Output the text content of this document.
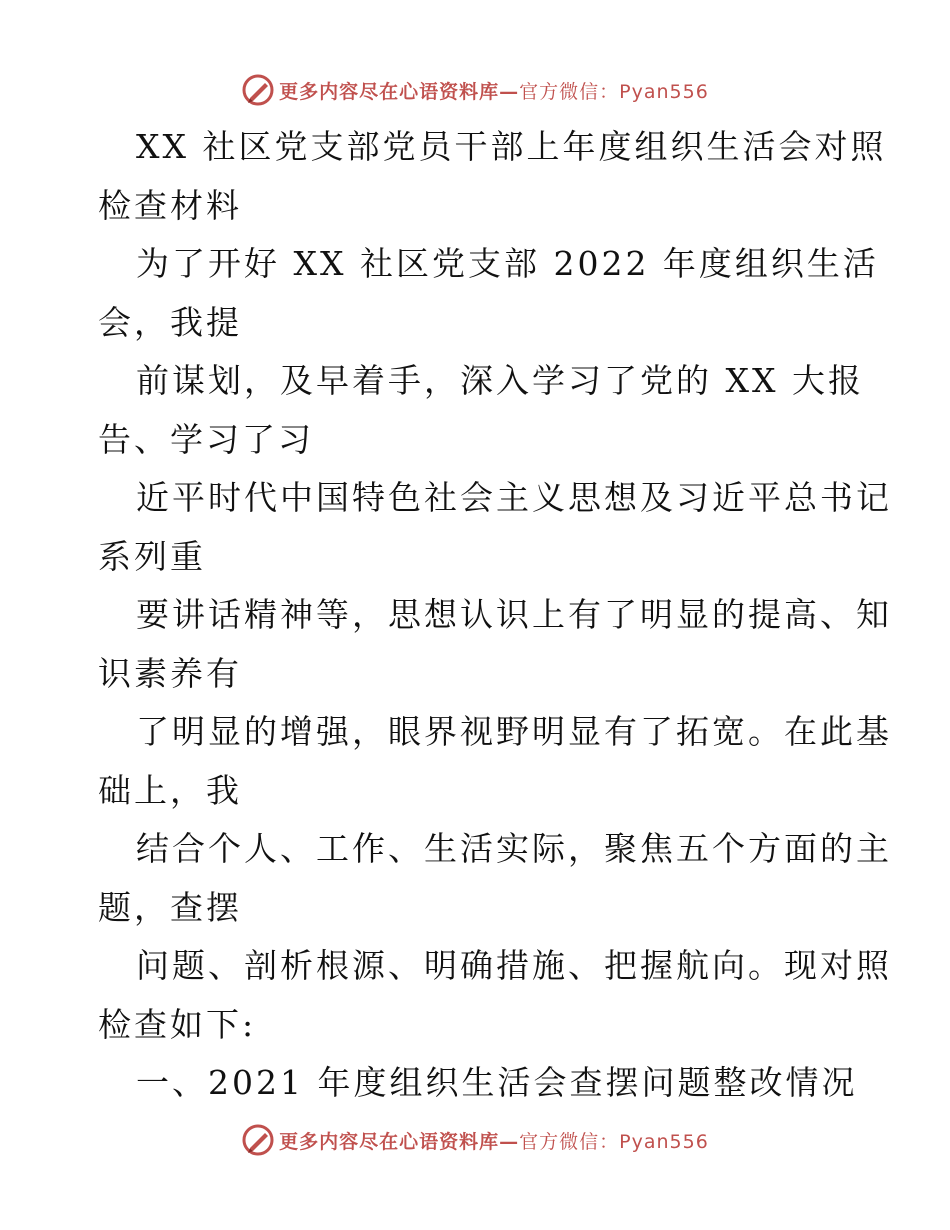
更多内容尽在心语资料库—官方微信：Pyan556
XX 社区党支部党员干部上年度组织生活会对照
检查材料
为了开好 XX 社区党支部 2022 年度组织生活
会，我提
前谋划，及早着手，深入学习了党的 XX 大报
告、学习了习
近平时代中国特色社会主义思想及习近平总书记
系列重
要讲话精神等，思想认识上有了明显的提高、知
识素养有
了明显的增强，眼界视野明显有了拓宽。在此基
础上，我
结合个人、工作、生活实际，聚焦五个方面的主
题，查摆
问题、剖析根源、明确措施、把握航向。现对照
检查如下:
一、2021 年度组织生活会查摆问题整改情况
更多内容尽在心语资料库—官方微信：Pyan556
